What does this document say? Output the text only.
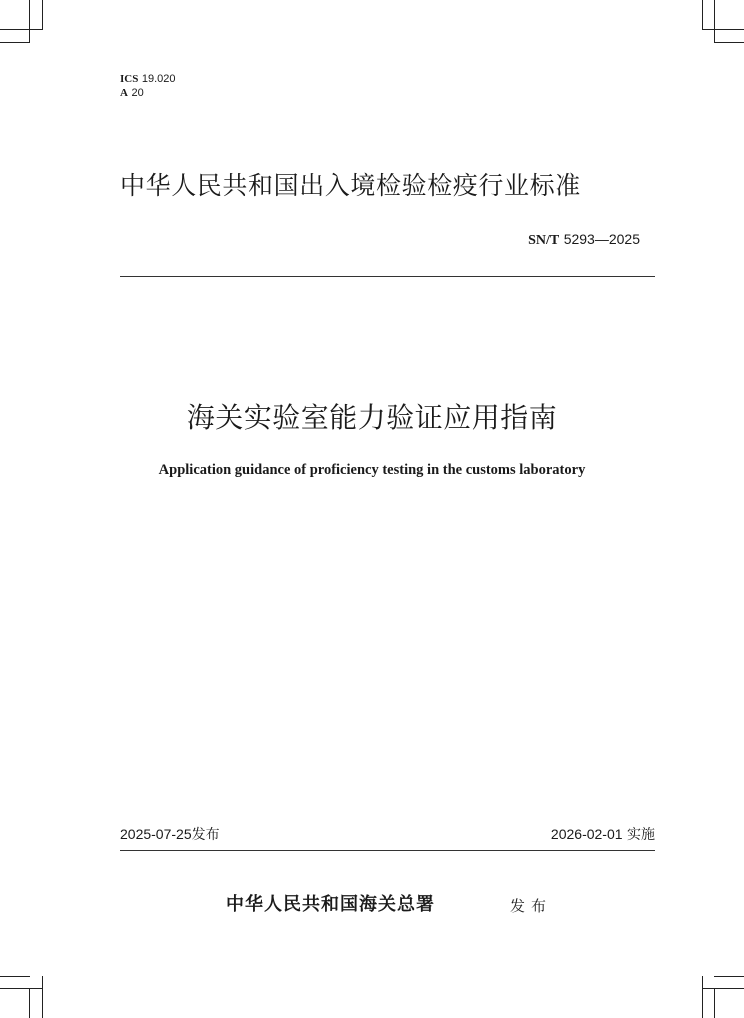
ICS 19.020
A 20
中华人民共和国出入境检验检疫行业标准
SN/T 5293—2025
海关实验室能力验证应用指南
Application guidance of proficiency testing in the customs laboratory
2025-07-25发布	2026-02-01 实施
中华人民共和国海关总署	发布
